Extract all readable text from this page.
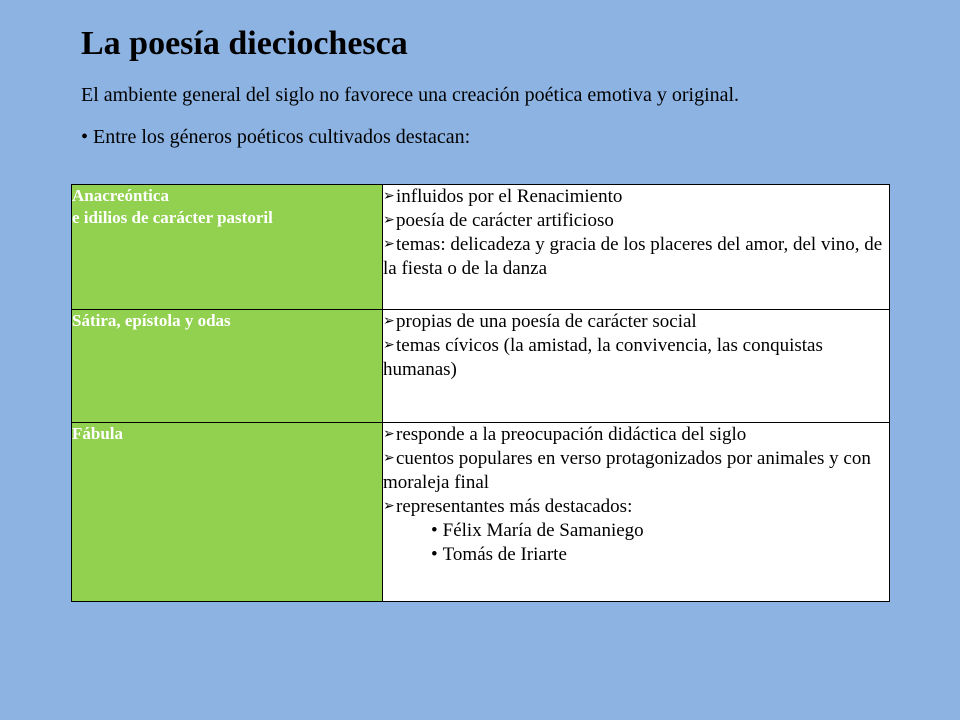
La poesía dieciochesca
El ambiente general del siglo no favorece una creación poética emotiva y original.
• Entre los géneros poéticos cultivados destacan:
Anacreóntica
e idilios de carácter pastoril	➢influidos por el Renacimiento
➢poesía de carácter artificioso
➢temas: delicadeza y gracia de los placeres del amor, del vino, de la fiesta o de la danza

Sátira, epístola y odas	➢propias de una poesía de carácter social
➢temas cívicos (la amistad, la convivencia, las conquistas humanas)

Fábula	➢responde a la preocupación didáctica del siglo
➢cuentos populares en verso protagonizados por animales y con moraleja final
➢representantes más destacados:
• Félix María de Samaniego
• Tomás de Iriarte
